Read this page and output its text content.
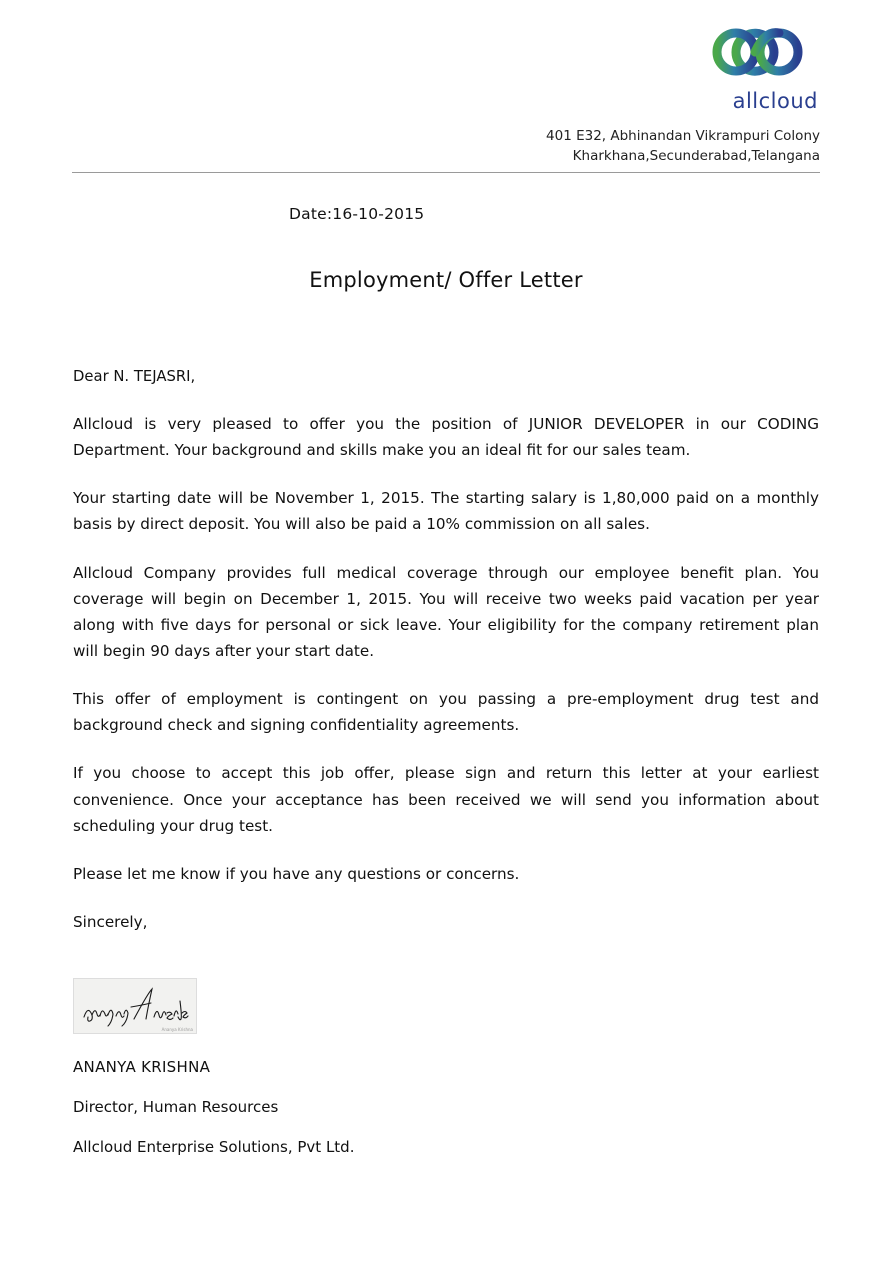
allcloud
401 E32, Abhinandan Vikrampuri Colony
Kharkhana,Secunderabad,Telangana
Date:16-10-2015
Employment/ Offer Letter

Dear N. TEJASRI,

Allcloud is very pleased to offer you the position of JUNIOR DEVELOPER in our CODING Department. Your background and skills make you an ideal fit for our sales team.

Your starting date will be November 1, 2015. The starting salary is 1,80,000 paid on a monthly basis by direct deposit. You will also be paid a 10% commission on all sales.

Allcloud Company provides full medical coverage through our employee benefit plan. You coverage will begin on December 1, 2015. You will receive two weeks paid vacation per year along with five days for personal or sick leave. Your eligibility for the company retirement plan will begin 90 days after your start date.

This offer of employment is contingent on you passing a pre-employment drug test and background check and signing confidentiality agreements.

If you choose to accept this job offer, please sign and return this letter at your earliest convenience. Once your acceptance has been received we will send you information about scheduling your drug test.

Please let me know if you have any questions or concerns.

Sincerely,

Ananya Krishna
ANANYA KRISHNA
Director, Human Resources
Allcloud Enterprise Solutions, Pvt Ltd.
